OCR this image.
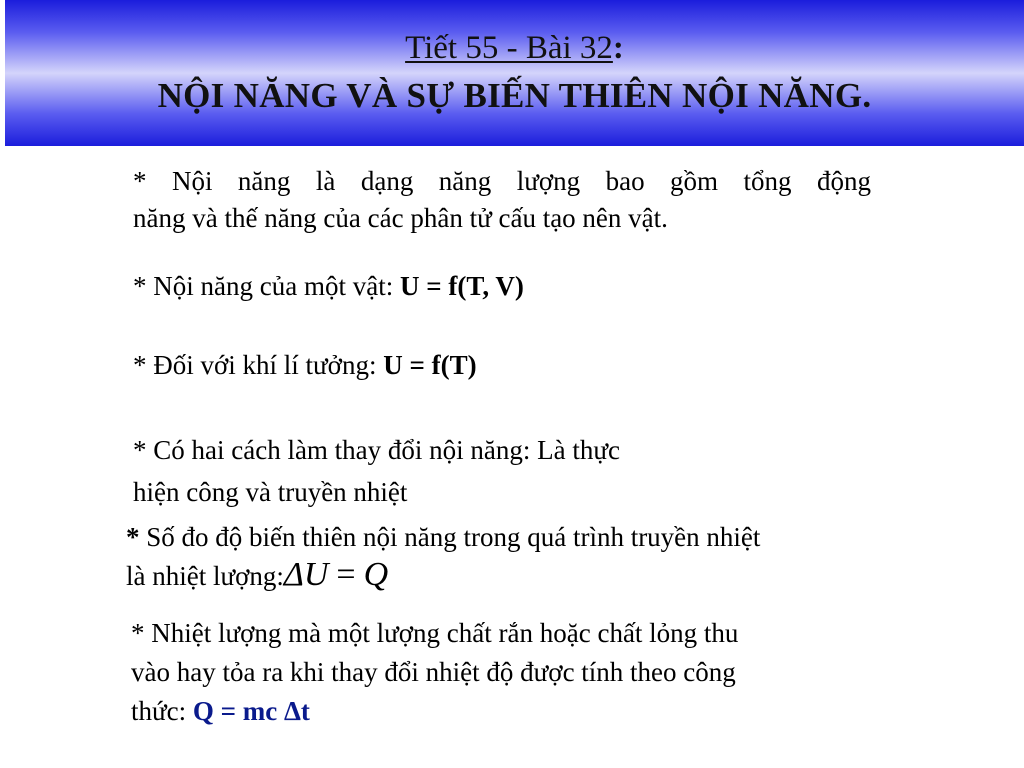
Tiết 55 - Bài 32:
NỘI NĂNG VÀ SỰ BIẾN THIÊN NỘI NĂNG.
* Nội năng là dạng năng lượng bao gồm tổng động
năng và thế năng của các phân tử cấu tạo nên vật.
* Nội năng của một vật: U = f(T, V)
* Đối với khí lí tưởng: U = f(T)
* Có hai cách làm thay đổi nội năng: Là thực
hiện công và truyền nhiệt
* Số đo độ biến thiên nội năng trong quá trình truyền nhiệt
là nhiệt lượng:ΔU = Q
* Nhiệt lượng mà một lượng chất rắn hoặc chất lỏng thu
vào hay tỏa ra khi thay đổi nhiệt độ được tính theo công
thức: Q = mc Δt
